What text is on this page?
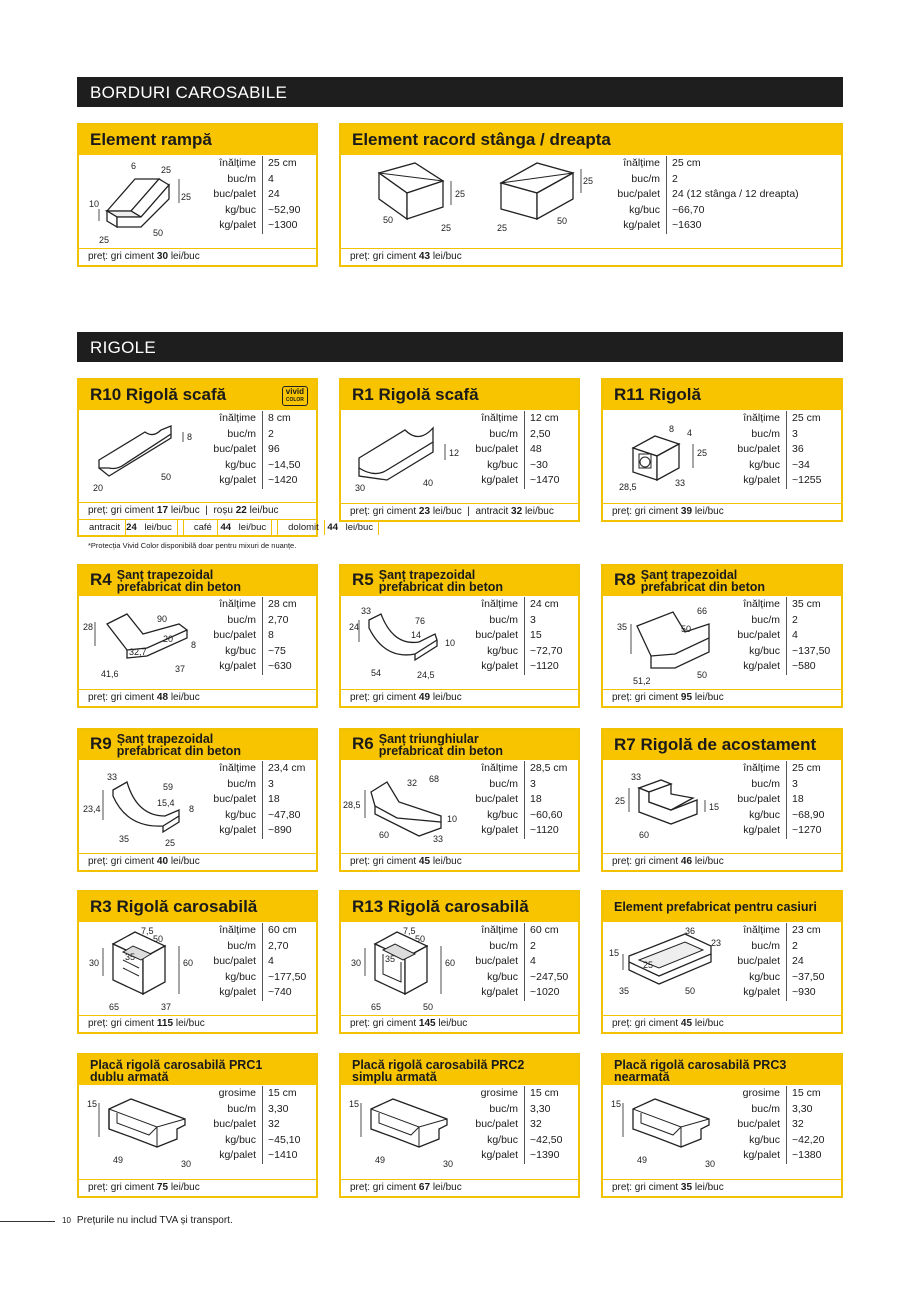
BORDURI CAROSABILE
RIGOLE
Element rampă
6	25
25
10
25
50
înălțime	25 cm
buc/m	4
buc/palet	24
kg/buc	~52,90
kg/palet	~1300
preț: gri ciment 30 lei/buc
Element racord stânga / dreapta
25
50
25
25
25
50
înălțime	25 cm
buc/m	2
buc/palet	24 (12 stânga / 12 dreapta)
kg/buc	~66,70
kg/palet	~1630
preț: gri ciment 43 lei/buc
R10 Rigolă scafă	vivid
COLOR
8
20
50
înălțime	8 cm
buc/m	2
buc/palet	96
kg/buc	~14,50
kg/palet	~1420
preț: gri ciment 17 lei/buc  |  roșu 22 lei/buc
antracit 24 lei/buc	café 44 lei/buc	dolomit 44 lei/buc
*Protecția Vivid Color disponibilă doar pentru mixuri de nuanțe.
R1 Rigolă scafă
12
30	40
înălțime	12 cm
buc/m	2,50
buc/palet	48
kg/buc	~30
kg/palet	~1470
preț: gri ciment 23 lei/buc  |  antracit 32 lei/buc
R11 Rigolă
8 4
25
28,5	33
înălțime	25 cm
buc/m	3
buc/palet	36
kg/buc	~34
kg/palet	~1255
preț: gri ciment 39 lei/buc
R4 Șanț trapezoidal
prefabricat din beton
90
28
20
8
32,7
41,6	37
înălțime	28 cm
buc/m	2,70
buc/palet	8
kg/buc	~75
kg/palet	~630
preț: gri ciment 48 lei/buc
R5 Șanț trapezoidal
prefabricat din beton
33
76
24
14
10
54	24,5
înălțime	24 cm
buc/m	3
buc/palet	15
kg/buc	~72,70
kg/palet	~1120
preț: gri ciment 49 lei/buc
R8 Șanț trapezoidal
prefabricat din beton
66
35	50
51,2
50
înălțime	35 cm
buc/m	2
buc/palet	4
kg/buc	~137,50
kg/palet	~580
preț: gri ciment 95 lei/buc
R9 Șanț trapezoidal
prefabricat din beton
33
59
23,4
15,4
8
35	25
înălțime	23,4 cm
buc/m	3
buc/palet	18
kg/buc	~47,80
kg/palet	~890
preț: gri ciment 40 lei/buc
R6 Șanț triunghiular
prefabricat din beton
68
32
28,5
10
60	33
înălțime	28,5 cm
buc/m	3
buc/palet	18
kg/buc	~60,60
kg/palet	~1120
preț: gri ciment 45 lei/buc
R7 Rigolă de acostament
33
25
15
60
înălțime	25 cm
buc/m	3
buc/palet	18
kg/buc	~68,90
kg/palet	~1270
preț: gri ciment 46 lei/buc
R3 Rigolă carosabilă
7,5
50
30
35
60
65	37
înălțime	60 cm
buc/m	2,70
buc/palet	4
kg/buc	~177,50
kg/palet	~740
preț: gri ciment 115 lei/buc
R13 Rigolă carosabilă
7,5
50
30	35	60
65	50
înălțime	60 cm
buc/m	2
buc/palet	4
kg/buc	~247,50
kg/palet	~1020
preț: gri ciment 145 lei/buc
Element prefabricat pentru casiuri
36
23
15
25
35	50
înălțime	23 cm
buc/m	2
buc/palet	24
kg/buc	~37,50
kg/palet	~930
preț: gri ciment 45 lei/buc
Placă rigolă carosabilă PRC1
dublu armată
15
49	30
grosime	15 cm
buc/m	3,30
buc/palet	32
kg/buc	~45,10
kg/palet	~1410
preț: gri ciment 75 lei/buc
Placă rigolă carosabilă PRC2
simplu armată
15
49	30
grosime	15 cm
buc/m	3,30
buc/palet	32
kg/buc	~42,50
kg/palet	~1390
preț: gri ciment 67 lei/buc
Placă rigolă carosabilă PRC3
nearmată
15
49	30
grosime	15 cm
buc/m	3,30
buc/palet	32
kg/buc	~42,20
kg/palet	~1380
preț: gri ciment 35 lei/buc
10 Prețurile nu includ TVA și transport.
